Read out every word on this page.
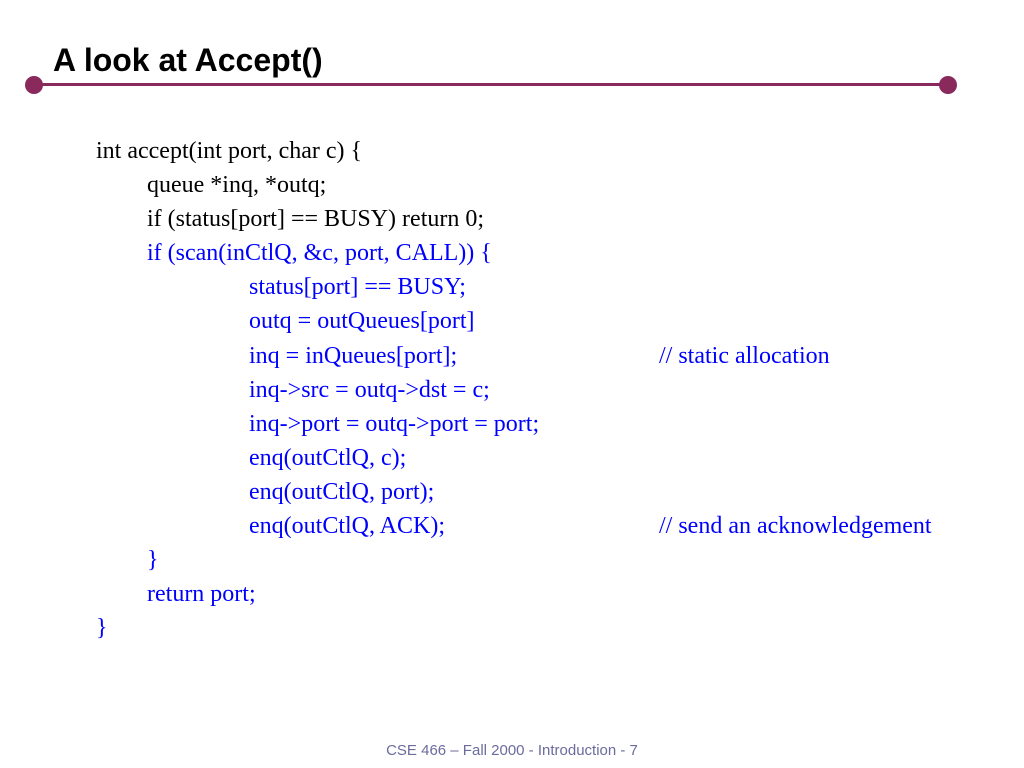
A look at Accept()
int accept(int port, char c) {
queue *inq, *outq;
if (status[port] == BUSY) return 0;
if (scan(inCtlQ, &c, port, CALL)) {
status[port] == BUSY;
outq = outQueues[port]
inq = inQueues[port];	// static allocation
inq->src = outq->dst = c;
inq->port = outq->port = port;
enq(outCtlQ, c);
enq(outCtlQ, port);
enq(outCtlQ, ACK);	// send an acknowledgement
}
return port;
}
CSE 466 – Fall 2000 - Introduction - 7
